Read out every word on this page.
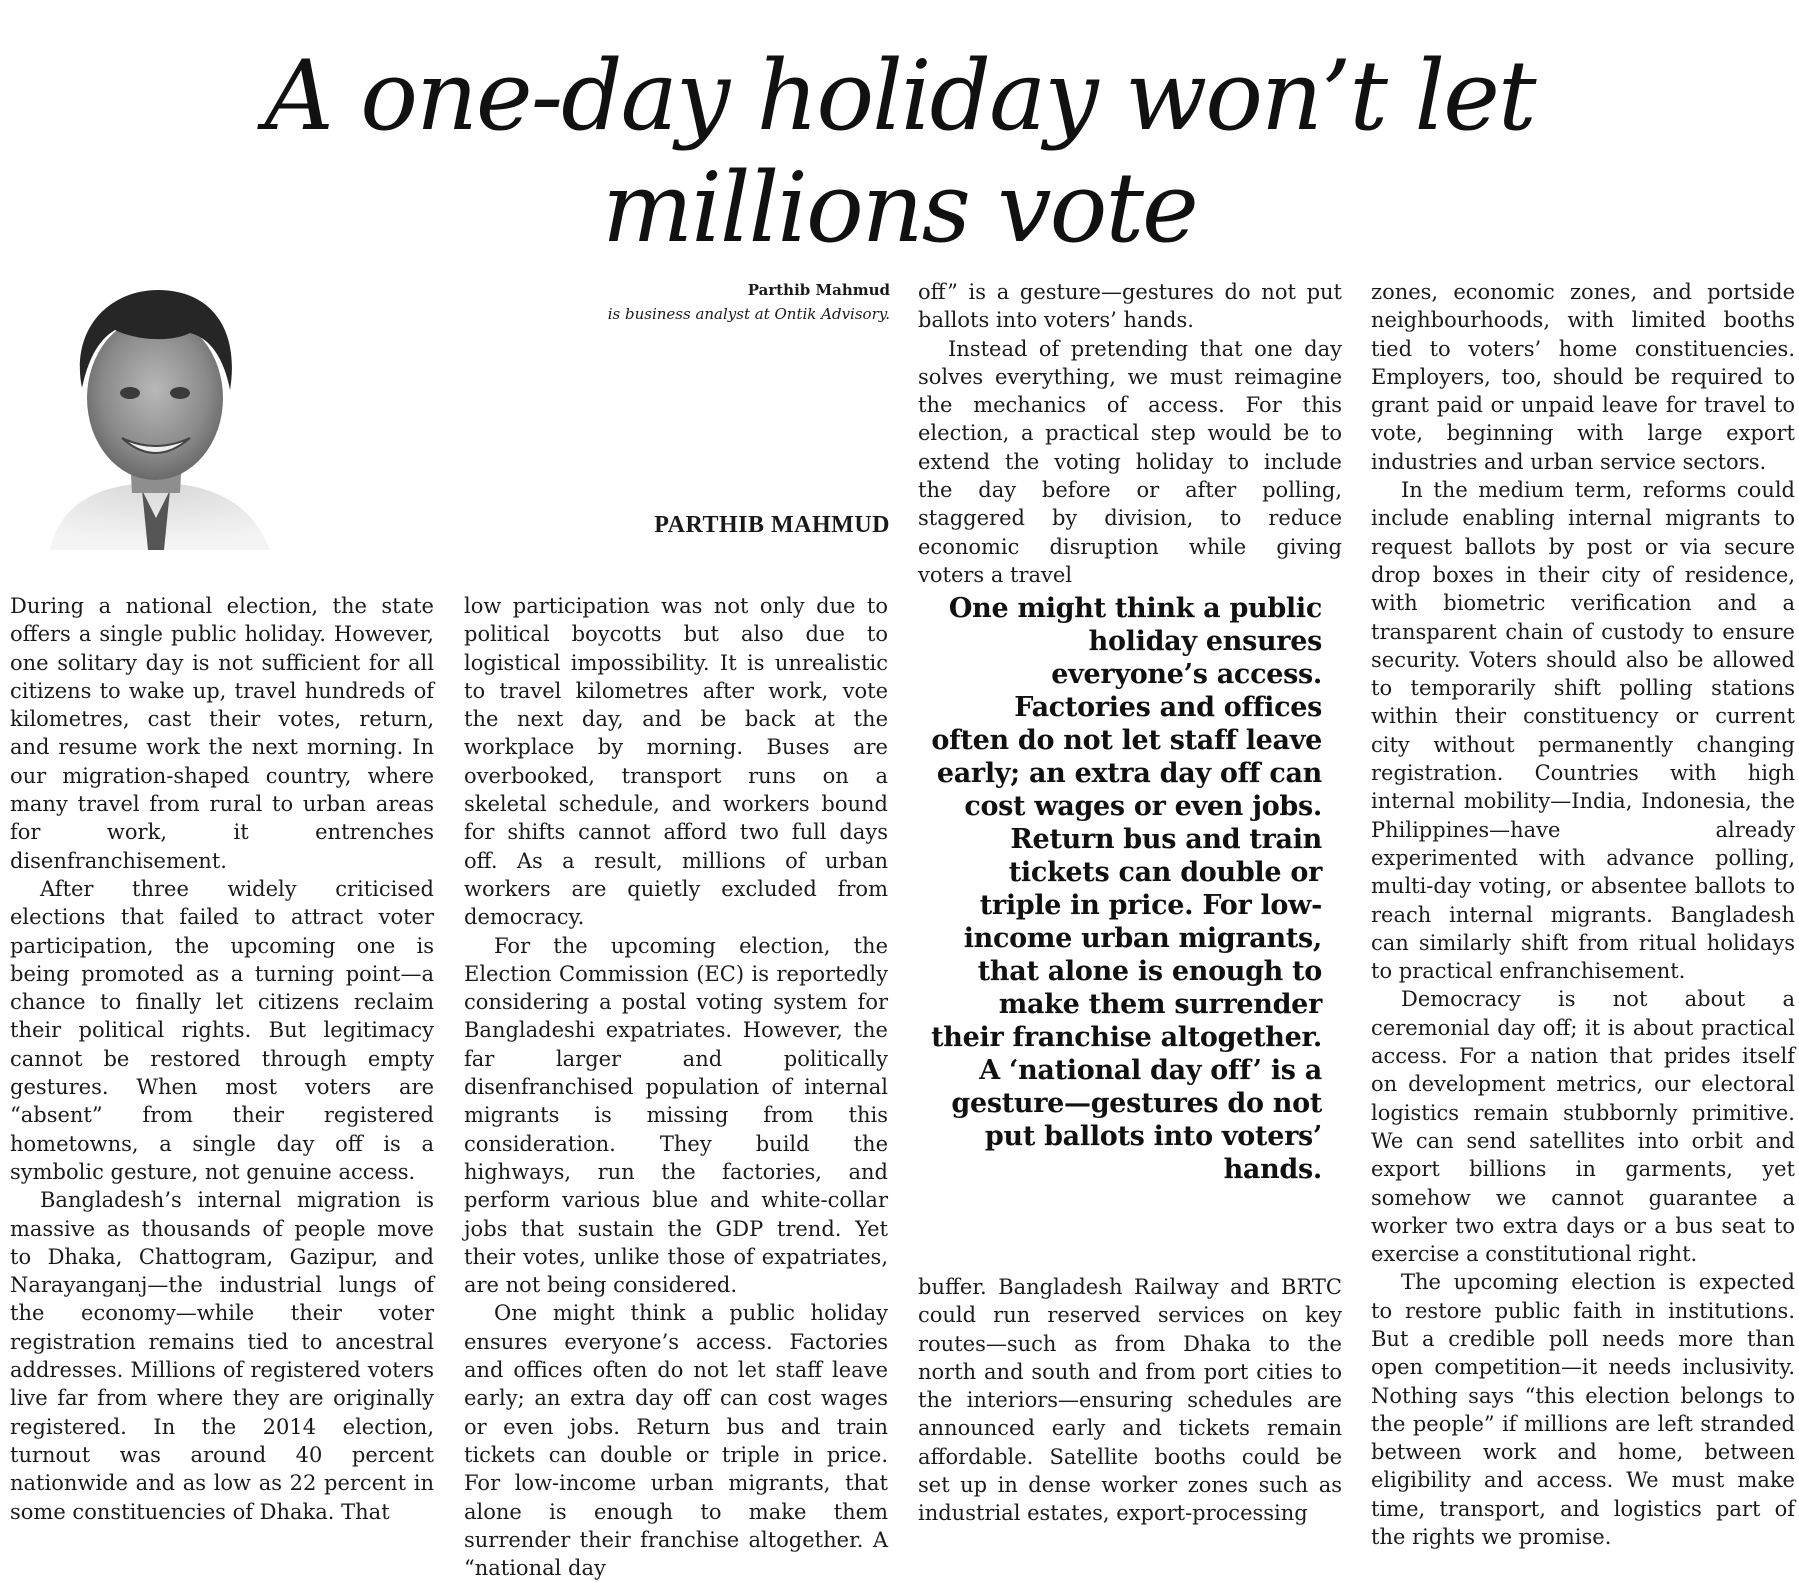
A one-day holiday won’t let
millions vote
Parthib Mahmud
is business analyst at Ontik Advisory.
PARTHIB MAHMUD

During a national election, the state offers a single public holiday. However, one solitary day is not sufficient for all citizens to wake up, travel hundreds of kilometres, cast their votes, return, and resume work the next morning. In our migration-shaped country, where many travel from rural to urban areas for work, it entrenches disenfranchisement.

After three widely criticised elections that failed to attract voter participation, the upcoming one is being promoted as a turning point—a chance to finally let citizens reclaim their political rights. But legitimacy cannot be restored through empty gestures. When most voters are “absent” from their registered hometowns, a single day off is a symbolic gesture, not genuine access.

Bangladesh’s internal migration is massive as thousands of people move to Dhaka, Chattogram, Gazipur, and Narayanganj—the industrial lungs of the economy—while their voter registration remains tied to ancestral addresses. Millions of registered voters live far from where they are originally registered. In the 2014 election, turnout was around 40 percent nationwide and as low as 22 percent in some constituencies of Dhaka. That

low participation was not only due to political boycotts but also due to logistical impossibility. It is unrealistic to travel kilometres after work, vote the next day, and be back at the workplace by morning. Buses are overbooked, transport runs on a skeletal schedule, and workers bound for shifts cannot afford two full days off. As a result, millions of urban workers are quietly excluded from democracy.

For the upcoming election, the Election Commission (EC) is reportedly considering a postal voting system for Bangladeshi expatriates. However, the far larger and politically disenfranchised population of internal migrants is missing from this consideration. They build the highways, run the factories, and perform various blue and white-collar jobs that sustain the GDP trend. Yet their votes, unlike those of expatriates, are not being considered.

One might think a public holiday ensures everyone’s access. Factories and offices often do not let staff leave early; an extra day off can cost wages or even jobs. Return bus and train tickets can double or triple in price. For low-income urban migrants, that alone is enough to make them surrender their franchise altogether. A “national day

off” is a gesture—gestures do not put ballots into voters’ hands.

Instead of pretending that one day solves everything, we must reimagine the mechanics of access. For this election, a practical step would be to extend the voting holiday to include the day before or after polling, staggered by division, to reduce economic disruption while giving voters a travel

One might think a public holiday ensures everyone’s access. Factories and offices often do not let staff leave early; an extra day off can cost wages or even jobs. Return bus and train tickets can double or triple in price. For low-income urban migrants, that alone is enough to make them surrender their franchise altogether. A ‘national day off’ is a gesture—gestures do not put ballots into voters’ hands.

buffer. Bangladesh Railway and BRTC could run reserved services on key routes—such as from Dhaka to the north and south and from port cities to the interiors—ensuring schedules are announced early and tickets remain affordable. Satellite booths could be set up in dense worker zones such as industrial estates, export-processing

zones, economic zones, and portside neighbourhoods, with limited booths tied to voters’ home constituencies. Employers, too, should be required to grant paid or unpaid leave for travel to vote, beginning with large export industries and urban service sectors.

In the medium term, reforms could include enabling internal migrants to request ballots by post or via secure drop boxes in their city of residence, with biometric verification and a transparent chain of custody to ensure security. Voters should also be allowed to temporarily shift polling stations within their constituency or current city without permanently changing registration. Countries with high internal mobility—India, Indonesia, the Philippines—have already experimented with advance polling, multi-day voting, or absentee ballots to reach internal migrants. Bangladesh can similarly shift from ritual holidays to practical enfranchisement.

Democracy is not about a ceremonial day off; it is about practical access. For a nation that prides itself on development metrics, our electoral logistics remain stubbornly primitive. We can send satellites into orbit and export billions in garments, yet somehow we cannot guarantee a worker two extra days or a bus seat to exercise a constitutional right.

The upcoming election is expected to restore public faith in institutions. But a credible poll needs more than open competition—it needs inclusivity. Nothing says “this election belongs to the people” if millions are left stranded between work and home, between eligibility and access. We must make time, transport, and logistics part of the rights we promise.
